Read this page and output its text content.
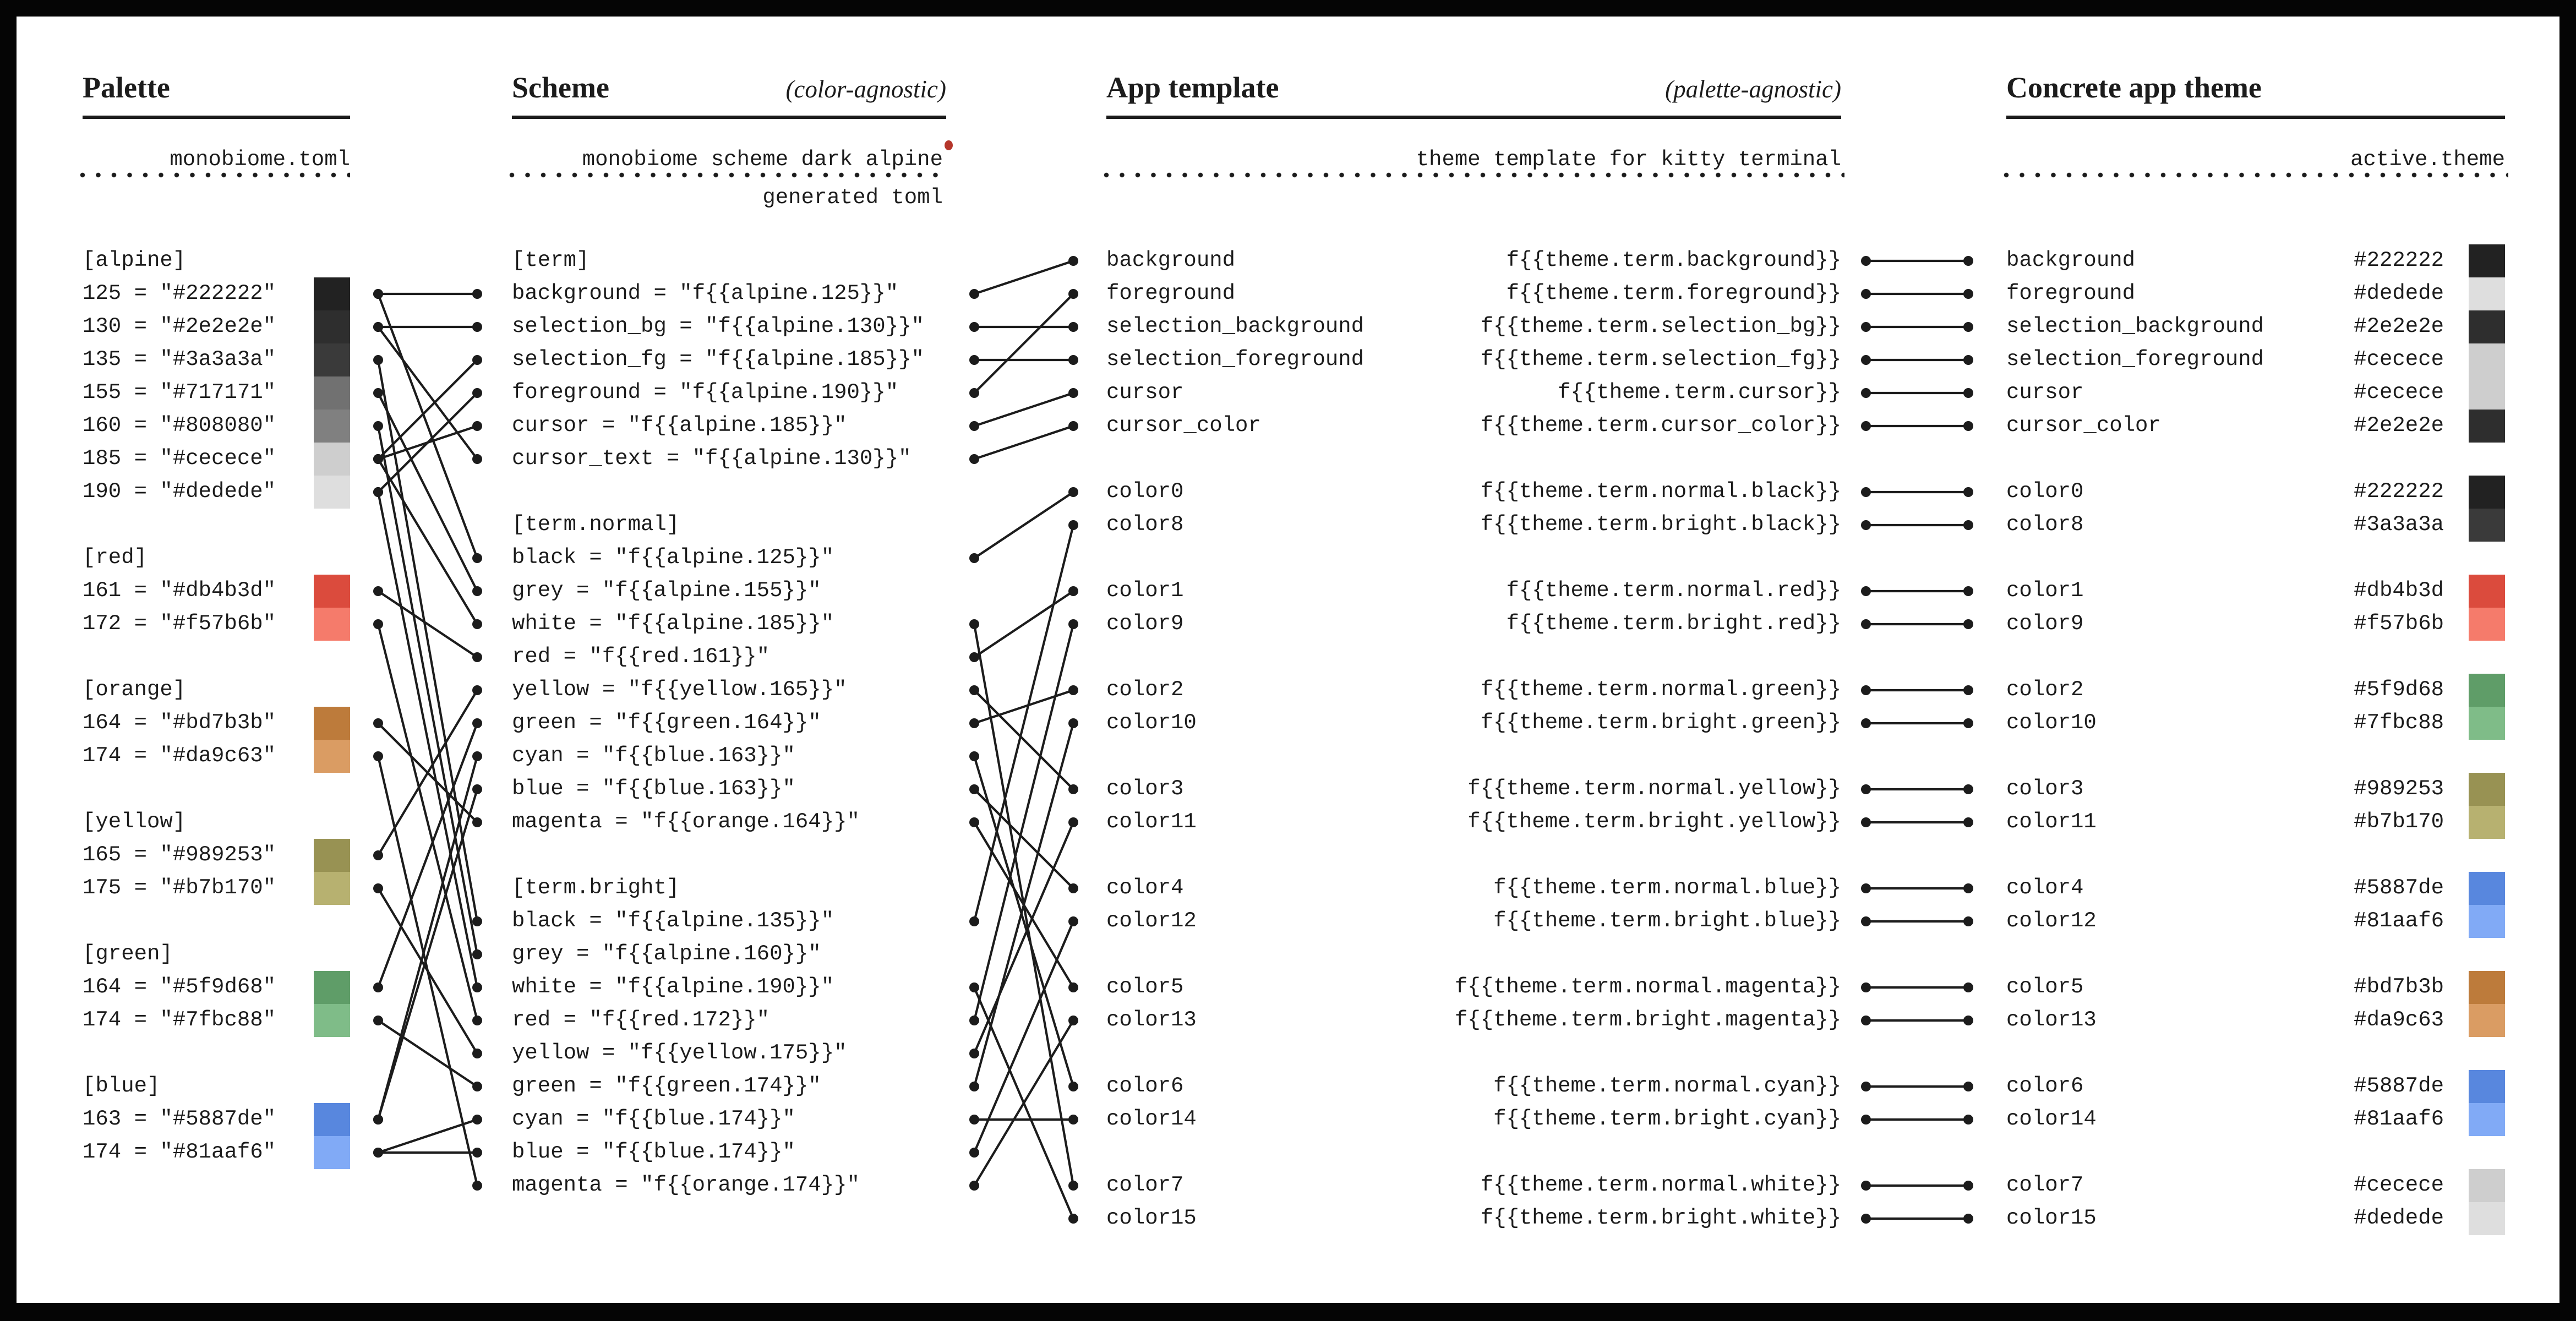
Palette
monobiome.toml
Scheme	(color-agnostic)
monobiome scheme dark alpine
generated toml
App template	(palette-agnostic)
theme template for kitty terminal
Concrete app theme
active.theme
[alpine]
125 = "#222222"
130 = "#2e2e2e"
135 = "#3a3a3a"
155 = "#717171"
160 = "#808080"
185 = "#cecece"
190 = "#dedede"
[red]
161 = "#db4b3d"
172 = "#f57b6b"
[orange]
164 = "#bd7b3b"
174 = "#da9c63"
[yellow]
165 = "#989253"
175 = "#b7b170"
[green]
164 = "#5f9d68"
174 = "#7fbc88"
[blue]
163 = "#5887de"
174 = "#81aaf6"
[term]
background = "f{{alpine.125}}"
selection_bg = "f{{alpine.130}}"
selection_fg = "f{{alpine.185}}"
foreground = "f{{alpine.190}}"
cursor = "f{{alpine.185}}"
cursor_text = "f{{alpine.130}}"
[term.normal]
black = "f{{alpine.125}}"
grey = "f{{alpine.155}}"
white = "f{{alpine.185}}"
red = "f{{red.161}}"
yellow = "f{{yellow.165}}"
green = "f{{green.164}}"
cyan = "f{{blue.163}}"
blue = "f{{blue.163}}"
magenta = "f{{orange.164}}"
[term.bright]
black = "f{{alpine.135}}"
grey = "f{{alpine.160}}"
white = "f{{alpine.190}}"
red = "f{{red.172}}"
yellow = "f{{yellow.175}}"
green = "f{{green.174}}"
cyan = "f{{blue.174}}"
blue = "f{{blue.174}}"
magenta = "f{{orange.174}}"
background	f{{theme.term.background}}
foreground	f{{theme.term.foreground}}
selection_background	f{{theme.term.selection_bg}}
selection_foreground	f{{theme.term.selection_fg}}
cursor	f{{theme.term.cursor}}
cursor_color	f{{theme.term.cursor_color}}
color0	f{{theme.term.normal.black}}
color8	f{{theme.term.bright.black}}
color1	f{{theme.term.normal.red}}
color9	f{{theme.term.bright.red}}
color2	f{{theme.term.normal.green}}
color10	f{{theme.term.bright.green}}
color3	f{{theme.term.normal.yellow}}
color11	f{{theme.term.bright.yellow}}
color4	f{{theme.term.normal.blue}}
color12	f{{theme.term.bright.blue}}
color5	f{{theme.term.normal.magenta}}
color13	f{{theme.term.bright.magenta}}
color6	f{{theme.term.normal.cyan}}
color14	f{{theme.term.bright.cyan}}
color7	f{{theme.term.normal.white}}
color15	f{{theme.term.bright.white}}
background	#222222
foreground	#dedede
selection_background	#2e2e2e
selection_foreground	#cecece
cursor	#cecece
cursor_color	#2e2e2e
color0	#222222
color8	#3a3a3a
color1	#db4b3d
color9	#f57b6b
color2	#5f9d68
color10	#7fbc88
color3	#989253
color11	#b7b170
color4	#5887de
color12	#81aaf6
color5	#bd7b3b
color13	#da9c63
color6	#5887de
color14	#81aaf6
color7	#cecece
color15	#dedede
